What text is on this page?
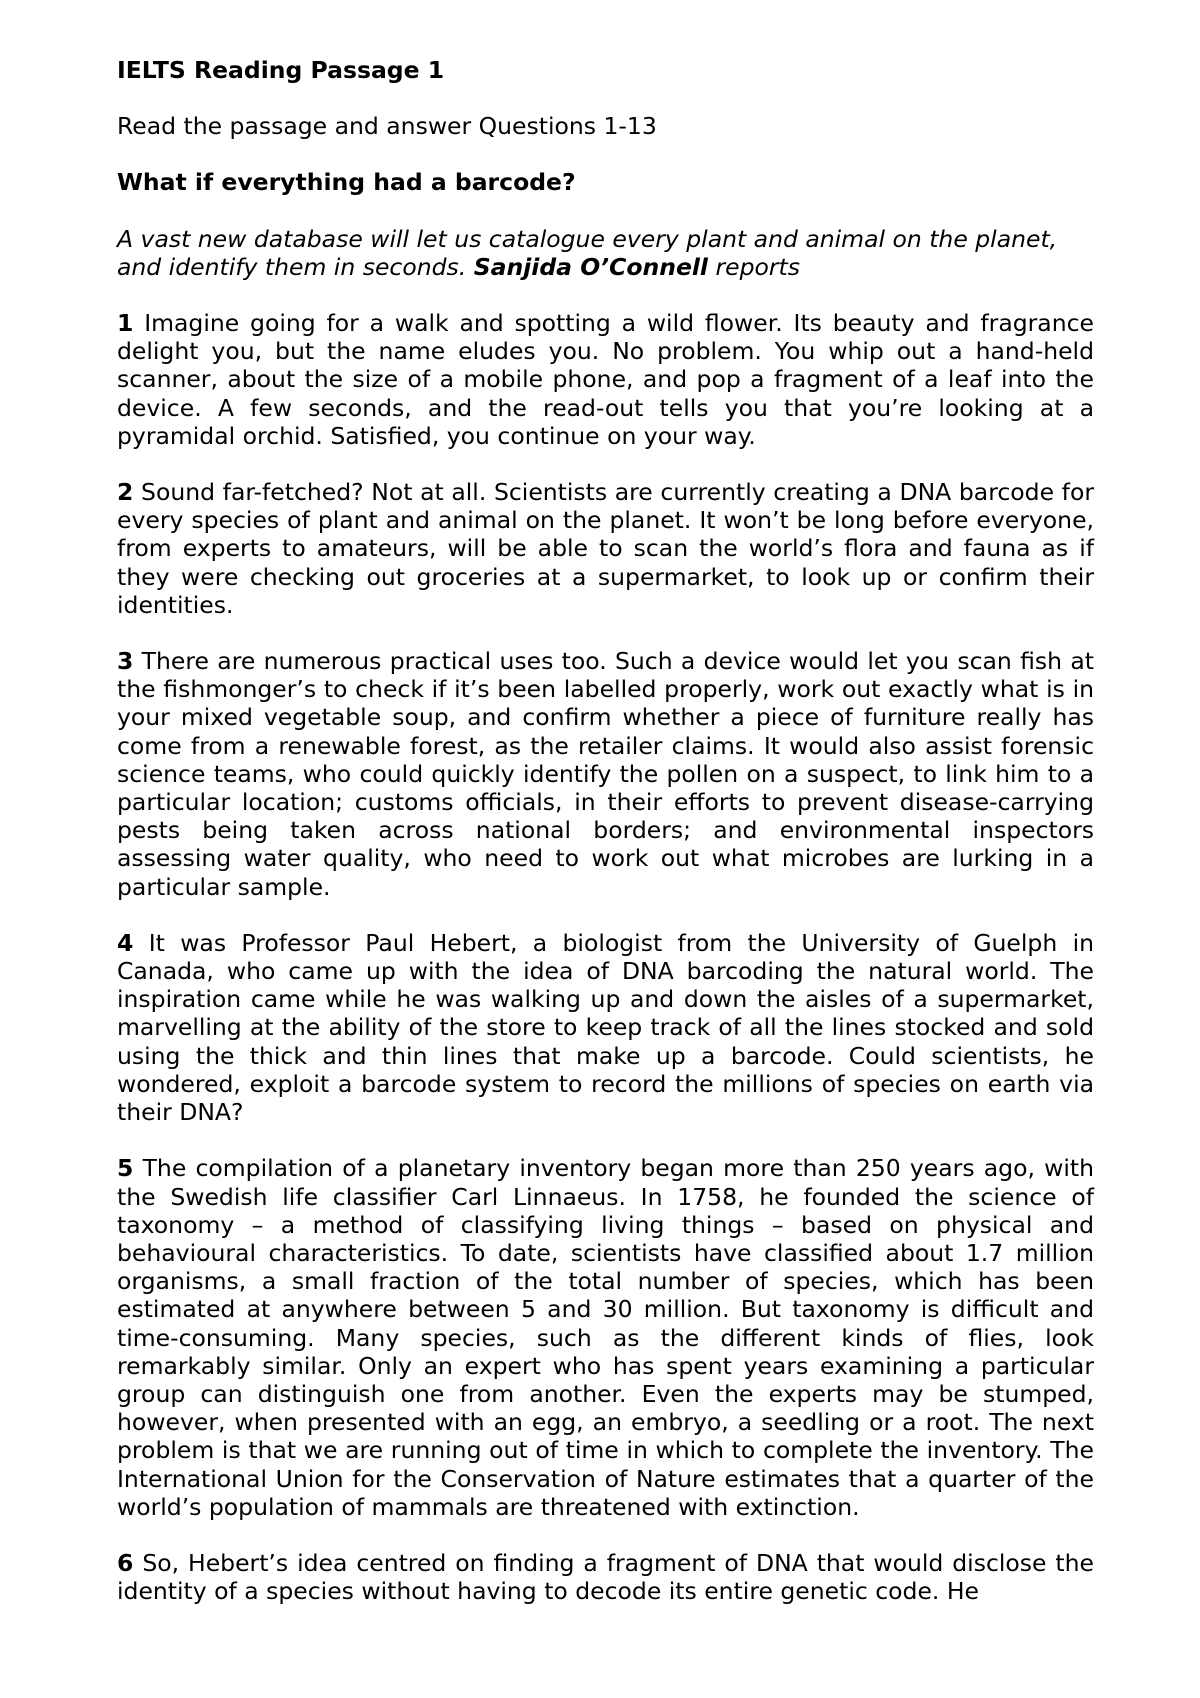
IELTS Reading Passage 1

Read the passage and answer Questions 1-13

What if everything had a barcode?

A vast new database will let us catalogue every plant and animal on the planet, and identify them in seconds. Sanjida O’Connell reports

1 Imagine going for a walk and spotting a wild flower. Its beauty and fragrance delight you, but the name eludes you. No problem. You whip out a hand-held scanner, about the size of a mobile phone, and pop a fragment of a leaf into the device. A few seconds, and the read-out tells you that you’re looking at a pyramidal orchid. Satisfied, you continue on your way.

2 Sound far-fetched? Not at all. Scientists are currently creating a DNA barcode for every species of plant and animal on the planet. It won’t be long before everyone, from experts to amateurs, will be able to scan the world’s flora and fauna as if they were checking out groceries at a supermarket, to look up or confirm their identities.

3 There are numerous practical uses too. Such a device would let you scan fish at the fishmonger’s to check if it’s been labelled properly, work out exactly what is in your mixed vegetable soup, and confirm whether a piece of furniture really has come from a renewable forest, as the retailer claims. It would also assist forensic science teams, who could quickly identify the pollen on a suspect, to link him to a particular location; customs officials, in their efforts to prevent disease-carrying pests being taken across national borders; and environmental inspectors assessing water quality, who need to work out what microbes are lurking in a particular sample.

4 It was Professor Paul Hebert, a biologist from the University of Guelph in Canada, who came up with the idea of DNA barcoding the natural world. The inspiration came while he was walking up and down the aisles of a supermarket, marvelling at the ability of the store to keep track of all the lines stocked and sold using the thick and thin lines that make up a barcode. Could scientists, he wondered, exploit a barcode system to record the millions of species on earth via their DNA?

5 The compilation of a planetary inventory began more than 250 years ago, with the Swedish life classifier Carl Linnaeus. In 1758, he founded the science of taxonomy – a method of classifying living things – based on physical and behavioural characteristics. To date, scientists have classified about 1.7 million organisms, a small fraction of the total number of species, which has been estimated at anywhere between 5 and 30 million. But taxonomy is difficult and time-consuming. Many species, such as the different kinds of flies, look remarkably similar. Only an expert who has spent years examining a particular group can distinguish one from another. Even the experts may be stumped, however, when presented with an egg, an embryo, a seedling or a root. The next problem is that we are running out of time in which to complete the inventory. The International Union for the Conservation of Nature estimates that a quarter of the world’s population of mammals are threatened with extinction.

6 So, Hebert’s idea centred on finding a fragment of DNA that would disclose the identity of a species without having to decode its entire genetic code. He
